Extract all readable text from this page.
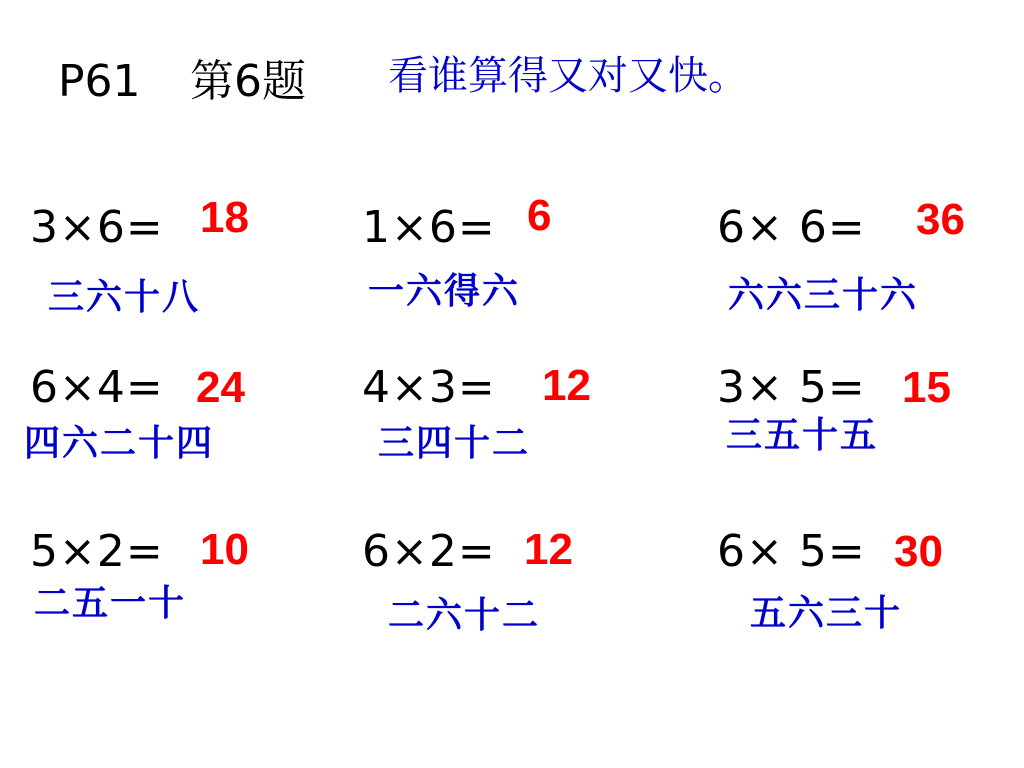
P61 第6题 看谁算得又对又快。
3×6= 18
三六十八
1×6= 6
一六得六
6× 6= 36
六六三十六
6×4= 24
四六二十四
4×3= 12
三四十二
3× 5= 15
三五十五
5×2= 10
二五一十
6×2= 12
二六十二
6× 5= 30
五六三十
